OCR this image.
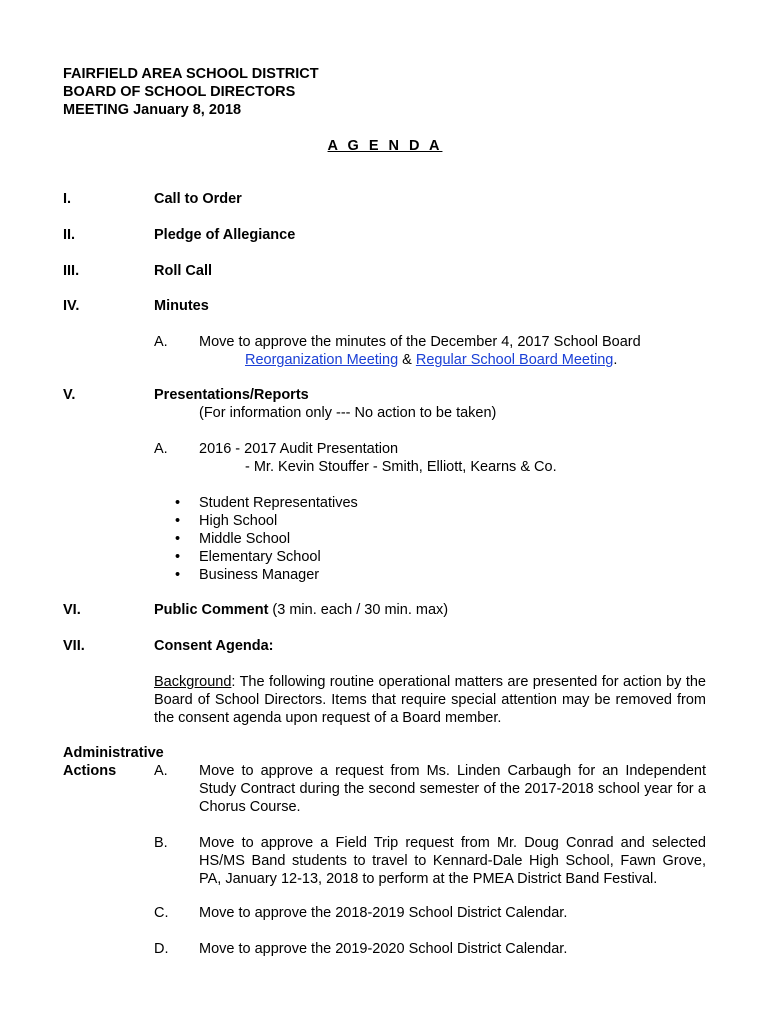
FAIRFIELD AREA SCHOOL DISTRICT
BOARD OF SCHOOL DIRECTORS
MEETING January 8, 2018
A G E N D A
I.	Call to Order
II.	Pledge of Allegiance
III.	Roll Call
IV.	Minutes
A. Move to approve the minutes of the December 4, 2017 School Board
Reorganization Meeting & Regular School Board Meeting.
V.	Presentations/Reports
(For information only --- No action to be taken)
A. 2016 - 2017 Audit Presentation
- Mr. Kevin Stouffer - Smith, Elliott, Kearns & Co.
• Student Representatives
• High School
• Middle School
• Elementary School
• Business Manager
VI.	Public Comment (3 min. each / 30 min. max)
VII.	Consent Agenda:
Background: The following routine operational matters are presented for action by the Board of School Directors. Items that require special attention may be removed from the consent agenda upon request of a Board member.
Administrative
Actions	A. Move to approve a request from Ms. Linden Carbaugh for an Independent Study Contract during the second semester of the 2017-2018 school year for a Chorus Course.
B. Move to approve a Field Trip request from Mr. Doug Conrad and selected HS/MS Band students to travel to Kennard-Dale High School, Fawn Grove, PA, January 12-13, 2018 to perform at the PMEA District Band Festival.
C. Move to approve the 2018-2019 School District Calendar.
D. Move to approve the 2019-2020 School District Calendar.
